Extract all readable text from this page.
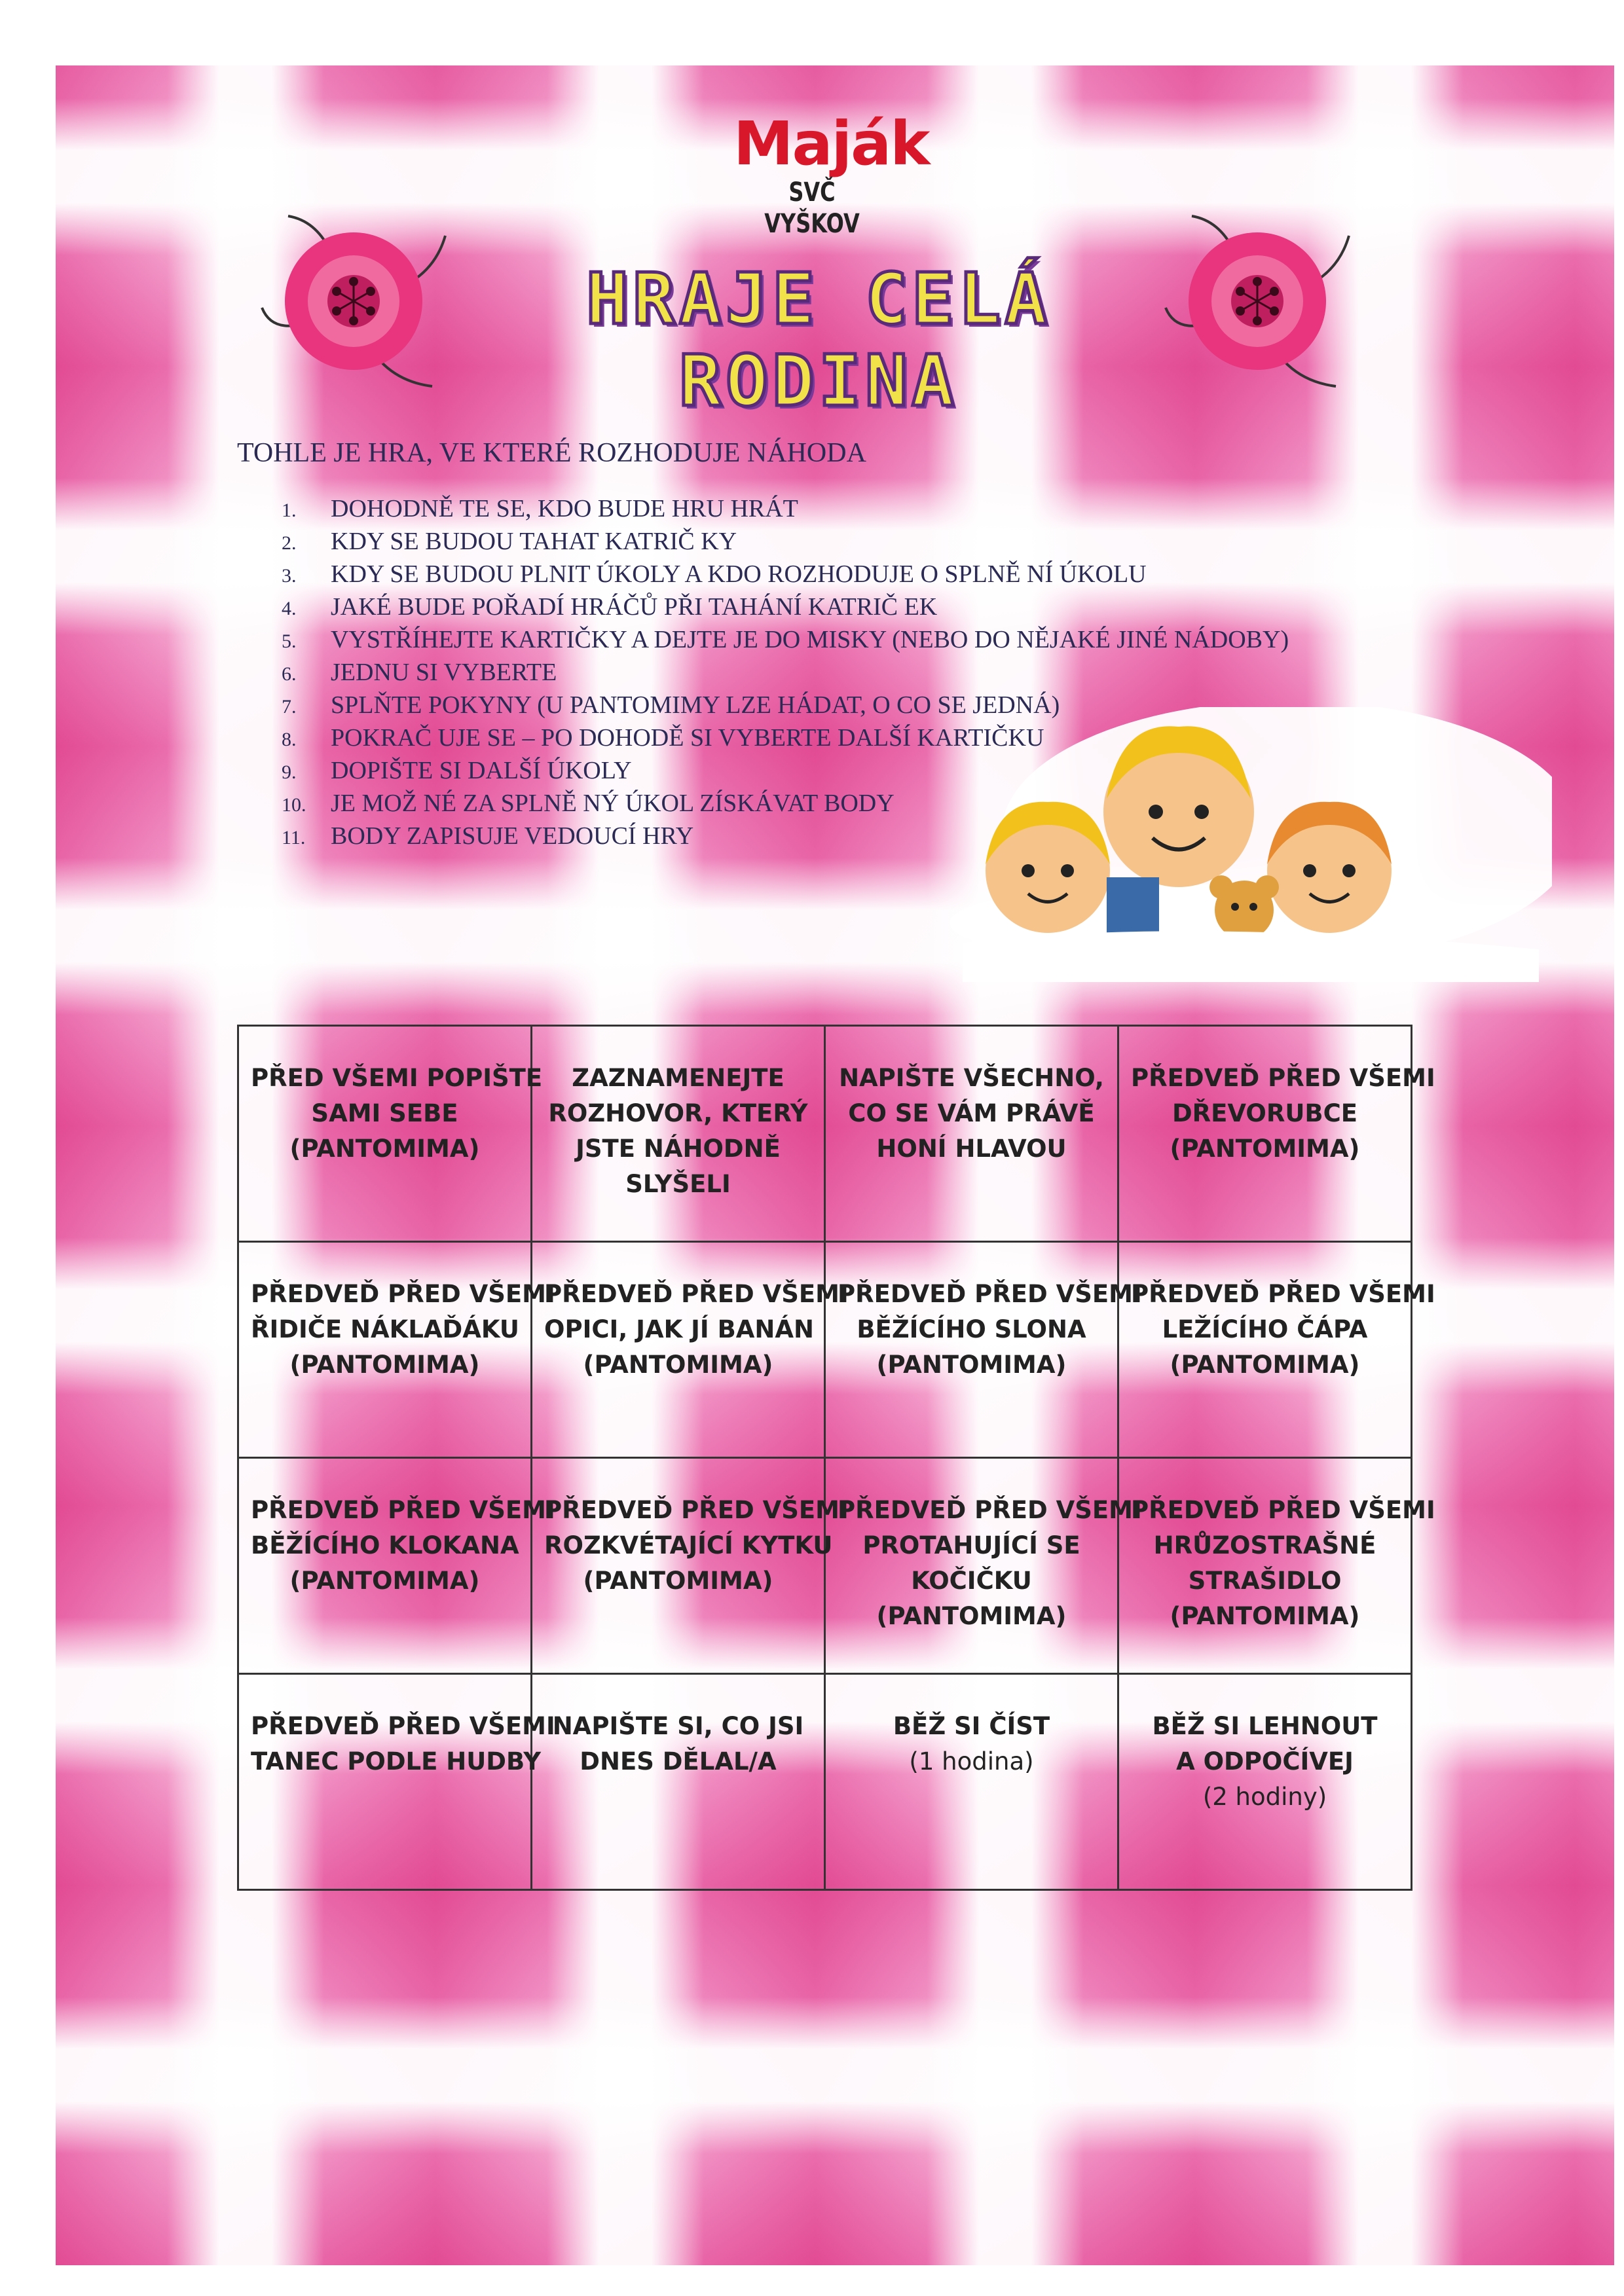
Maják
SVČ VYŠKOV
HRAJE CELÁ RODINA
TOHLE JE HRA, VE KTERÉ ROZHODUJE NÁHODA
1. DOHODNĚ TE SE, KDO BUDE HRU HRÁT
2. KDY SE BUDOU TAHAT KATRIČ KY
3. KDY SE BUDOU PLNIT ÚKOLY A KDO ROZHODUJE O SPLNĚ NÍ ÚKOLU
4. JAKÉ BUDE POŘADÍ HRÁČŮ PŘI TAHÁNÍ KATRIČ EK
5. VYSTŘÍHEJTE KARTIČKY A DEJTE JE DO MISKY (NEBO DO NĚJAKÉ JINÉ NÁDOBY)
6. JEDNU SI VYBERTE
7. SPLŇTE POKYNY (U PANTOMIMY LZE HÁDAT, O CO SE JEDNÁ)
8. POKRAČ UJE SE – PO DOHODĚ SI VYBERTE DALŠÍ KARTIČKU
9. DOPIŠTE SI DALŠÍ ÚKOLY
10. JE MOŽ NÉ ZA SPLNĚ NÝ ÚKOL ZÍSKÁVAT BODY
11. BODY ZAPISUJE VEDOUCÍ HRY
PŘED VŠEMI POPIŠTE
SAMI SEBE
(PANTOMIMA)	ZAZNAMENEJTE
ROZHOVOR, KTERÝ
JSTE NÁHODNĚ
SLYŠELI	NAPIŠTE VŠECHNO,
CO SE VÁM PRÁVĚ
HONÍ HLAVOU	PŘEDVEĎ PŘED VŠEMI
DŘEVORUBCE
(PANTOMIMA)

PŘEDVEĎ PŘED VŠEMI
ŘIDIČE NÁKLAĎÁKU
(PANTOMIMA)	PŘEDVEĎ PŘED VŠEMI
OPICI, JAK JÍ BANÁN
(PANTOMIMA)	PŘEDVEĎ PŘED VŠEMI
BĚŽÍCÍHO SLONA
(PANTOMIMA)	PŘEDVEĎ PŘED VŠEMI
LEŽÍCÍHO ČÁPA
(PANTOMIMA)

PŘEDVEĎ PŘED VŠEMI
BĚŽÍCÍHO KLOKANA
(PANTOMIMA)	PŘEDVEĎ PŘED VŠEMI
ROZKVÉTAJÍCÍ KYTKU
(PANTOMIMA)	PŘEDVEĎ PŘED VŠEMI
PROTAHUJÍCÍ SE
KOČIČKU
(PANTOMIMA)	PŘEDVEĎ PŘED VŠEMI
HRŮZOSTRAŠNÉ
STRAŠIDLO
(PANTOMIMA)

PŘEDVEĎ PŘED VŠEMI
TANEC PODLE HUDBY	NAPIŠTE SI, CO JSI
DNES DĚLAL/A	BĚŽ SI ČÍST
(1 hodina)	BĚŽ SI LEHNOUT
A ODPOČÍVEJ
(2 hodiny)
